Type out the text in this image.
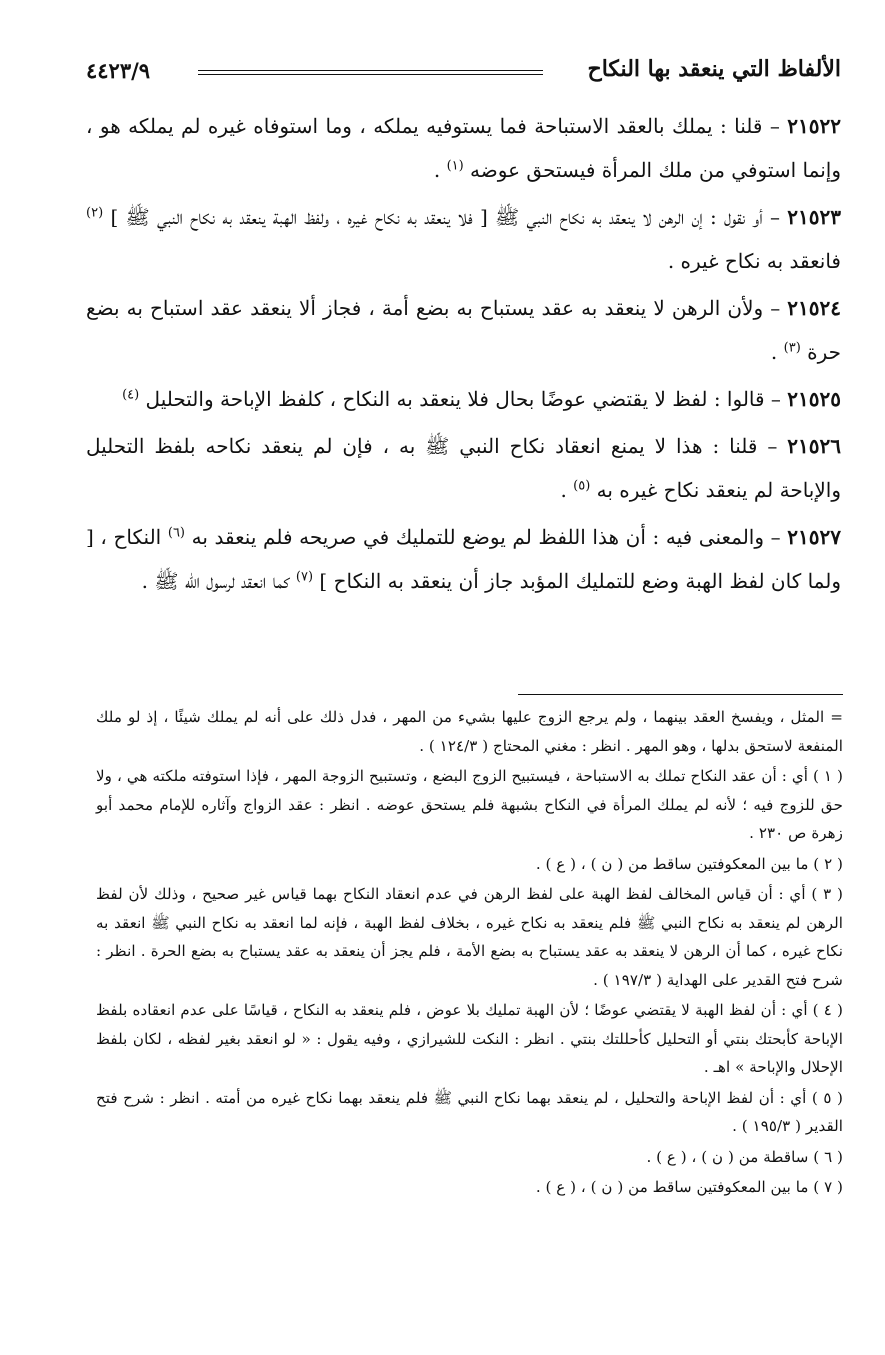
الألفاظ التي ينعقد بها النكاح
٤٤٢٣/٩

٢١٥٢٢ – قلنا : يملك بالعقد الاستباحة فما يستوفيه يملكه ، وما استوفاه غيره لم يملكه هو ، وإنما استوفي من ملك المرأة فيستحق عوضه $^{(١)}$ .

٢١٥٢٣ – أو نقول : إن الرهن لا ينعقد به نكاح النبي ﷺ [ فلا ينعقد به نكاح غيره ، ولفظ الهبة ينعقد به نكاح النبي ﷺ ] $^{(٢)}$ فانعقد به نكاح غيره .

٢١٥٢٤ – ولأن الرهن لا ينعقد به عقد يستباح به بضع أمة ، فجاز ألا ينعقد عقد استباح به بضع حرة $^{(٣)}$ .

٢١٥٢٥ – قالوا : لفظ لا يقتضي عوضًا بحال فلا ينعقد به النكاح ، كلفظ الإباحة والتحليل $^{(٤)}$

٢١٥٢٦ – قلنا : هذا لا يمنع انعقاد نكاح النبي ﷺ به ، فإن لم ينعقد نكاحه بلفظ التحليل والإباحة لم ينعقد نكاح غيره به $^{(٥)}$ .

٢١٥٢٧ – والمعنى فيه : أن هذا اللفظ لم يوضع للتمليك في صريحه فلم ينعقد به $^{(٦)}$ النكاح ، [ ولما كان لفظ الهبة وضع للتمليك المؤبد جاز أن ينعقد به النكاح ] $^{(٧)}$ كما انعقد لرسول الله ﷺ .

= المثل ، ويفسخ العقد بينهما ، ولم يرجع الزوج عليها بشيء من المهر ، فدل ذلك على أنه لم يملك شيئًا ، إذ لو ملك المنفعة لاستحق بدلها ، وهو المهر . انظر : مغني المحتاج ( ١٢٤/٣ ) .

( ١ ) أي : أن عقد النكاح تملك به الاستباحة ، فيستبيح الزوج البضع ، وتستبيح الزوجة المهر ، فإذا استوفته ملكته هي ، ولا حق للزوج فيه ؛ لأنه لم يملك المرأة في النكاح بشبهة فلم يستحق عوضه . انظر : عقد الزواج وآثاره للإمام محمد أبو زهرة ص ٢٣٠ .

( ٢ ) ما بين المعكوفتين ساقط من ( ن ) ، ( ع ) .

( ٣ ) أي : أن قياس المخالف لفظ الهبة على لفظ الرهن في عدم انعقاد النكاح بهما قياس غير صحيح ، وذلك لأن لفظ الرهن لم ينعقد به نكاح النبي ﷺ فلم ينعقد به نكاح غيره ، بخلاف لفظ الهبة ، فإنه لما انعقد به نكاح النبي ﷺ انعقد به نكاح غيره ، كما أن الرهن لا ينعقد به عقد يستباح به بضع الأمة ، فلم يجز أن ينعقد به عقد يستباح به بضع الحرة . انظر : شرح فتح القدير على الهداية ( ١٩٧/٣ ) .

( ٤ ) أي : أن لفظ الهبة لا يقتضي عوضًا ؛ لأن الهبة تمليك بلا عوض ، فلم ينعقد به النكاح ، قياسًا على عدم انعقاده بلفظ الإباحة كأبحتك بنتي أو التحليل كأحللتك بنتي . انظر : النكت للشيرازي ، وفيه يقول : « لو انعقد بغير لفظه ، لكان بلفظ الإحلال والإباحة » اهـ .

( ٥ ) أي : أن لفظ الإباحة والتحليل ، لم ينعقد بهما نكاح النبي ﷺ فلم ينعقد بهما نكاح غيره من أمته . انظر : شرح فتح القدير ( ١٩٥/٣ ) .

( ٦ ) ساقطة من ( ن ) ، ( ع ) .

( ٧ ) ما بين المعكوفتين ساقط من ( ن ) ، ( ع ) .
